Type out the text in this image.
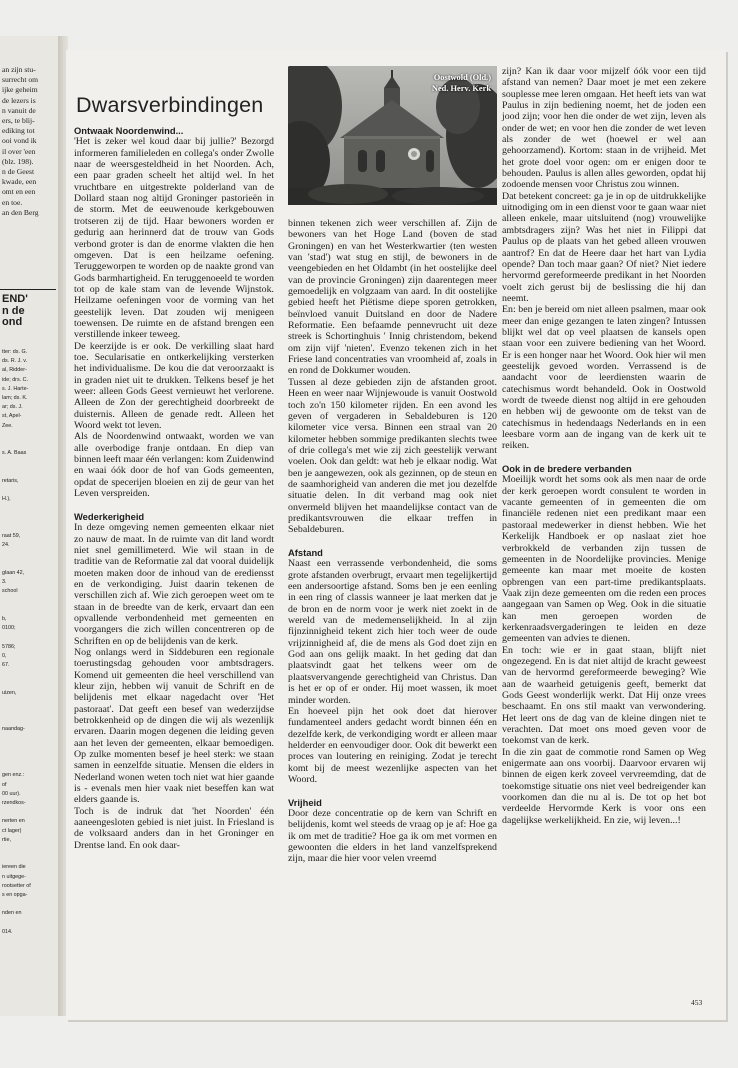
an zijn stu-
surrecht om
ijke geheim
de lezers is
n vanuit de
ers, te blij-
ediking tot
ooi vond ik
il over 'een
(blz. 198).
n de Geest
kwade, een
omt en een
en toe.
an den Berg
END'
n de
ond
tter: ds. G.
ds. R. J. v.
al, Ridder-
ide; drs. C.
s. J. Harte-
lam; ds. K.
ar; ds. J.
st, Apel-
Zee.

s. A. Baas

retaris,

H.),

raat 59,
24.

glaan 42,
3.
school

b,
0100;

5786;
0,
67.

uizen,

naandag-

gen enz.:
of
00 uur).
rzendkos-

nerten en
ct lager)
rtie,

iereen die
n uitgege-
rootsetter of
s en opga-

nden en

014.
Dwarsverbindingen
Oostwold (Old.)
Ned. Herv. Kerk
Ontwaak Noordenwind...

'Het is zeker wel koud daar bij jullie?' Bezorgd informeren familieleden en collega's onder Zwolle naar de weersgesteldheid in het Noorden. Ach, een paar graden scheelt het altijd wel. In het vruchtbare en uitgestrekte polderland van de Dollard staan nog altijd Groninger pastorieën in de storm. Met de eeuwenoude kerkgebouwen trotseren zij de tijd. Haar bewoners worden er gedurig aan herinnerd dat de trouw van Gods verbond groter is dan de enorme vlakten die hen omgeven. Dat is een heilzame oefening. Teruggeworpen te worden op de naakte grond van Gods barmhartigheid. En teruggenoeeld te worden tot op de kale stam van de levende Wijnstok. Heilzame oefeningen voor de vorming van het geestelijk leven. Dat zouden wij menigeen toewensen. De ruimte en de afstand brengen een verstillende inkeer teweeg.

De keerzijde is er ook. De verkilling slaat hard toe. Secularisatie en ontkerkelijking versterken het individualisme. De kou die dat veroorzaakt is in graden niet uit te drukken. Telkens besef je het weer: alleen Gods Geest vernieuwt het verlorene. Alleen de Zon der gerechtigheid doorbreekt de duisternis. Alleen de genade redt. Alleen het Woord wekt tot leven.

Als de Noordenwind ontwaakt, worden we van alle overbodige franje ontdaan. En diep van binnen leeft maar één verlangen: kom Zuidenwind en waai óók door de hof van Gods gemeenten, opdat de specerijen bloeien en zij de geur van het Leven verspreiden.

Wederkerigheid

In deze omgeving nemen gemeenten elkaar niet zo nauw de maat. In de ruimte van dit land wordt niet snel gemillimeterd. Wie wil staan in de traditie van de Reformatie zal dat vooral duidelijk moeten maken door de inhoud van de erediensst en de verkondiging. Juist daarin tekenen de verschillen zich af. Wie zich geroepen weet om te staan in de breedte van de kerk, ervaart dan een opvallende verbondenheid met gemeenten en voorgangers die zich willen concentreren op de Schriften en op de belijdenis van de kerk.

Nog onlangs werd in Siddeburen een regionale toerustingsdag gehouden voor ambtsdragers. Komend uit gemeenten die heel verschillend van kleur zijn, hebben wij vanuit de Schrift en de belijdenis met elkaar nagedacht over 'Het pastoraat'. Dat geeft een besef van wederzijdse betrokkenheid op de dingen die wij als wezenlijk ervaren. Daarin mogen degenen die leiding geven aan het leven der gemeenten, elkaar bemoedigen. Op zulke momenten besef je heel sterk: we staan samen in eenzelfde situatie. Mensen die elders in Nederland wonen weten toch niet wat hier gaande is - evenals men hier vaak niet beseffen kan wat elders gaande is.

Toch is de indruk dat 'het Noorden' één aaneengesloten gebied is niet juist. In Friesland is de volksaard anders dan in het Groninger en Drentse land. En ook daar-

binnen tekenen zich weer verschillen af. Zijn de bewoners van het Hoge Land (boven de stad Groningen) en van het Westerkwartier (ten westen van 'stad') wat stug en stijl, de bewoners in de veengebieden en het Oldambt (in het oostelijke deel van de provincie Groningen) zijn daarentegen meer gemoedelijk en volgzaam van aard. In dit oostelijke gebied heeft het Piëtisme diepe sporen getrokken, beïnvloed vanuit Duitsland en door de Nadere Reformatie. Een befaamde pennevrucht uit deze streek is Schortinghuis ' Innig christendom, bekend om zijn vijf 'nieten'. Evenzo tekenen zich in het Friese land concentraties van vroomheid af, zoals in en rond de Dokkumer wouden.

Tussen al deze gebieden zijn de afstanden groot. Heen en weer naar Wijnjewoude is vanuit Oostwold toch zo'n 150 kilometer rijden. En een avond les geven of vergaderen in Sebaldeburen is 120 kilometer vice versa. Binnen een straal van 20 kilometer hebben sommige predikanten slechts twee of drie collega's met wie zij zich geestelijk verwant voelen. Ook dan geldt: wat heb je elkaar nodig. Wat ben je aangewezen, ook als gezinnen, op de steun en de saamhorigheid van anderen die met jou dezelfde situatie delen. In dit verband mag ook niet onvermeld blijven het maandelijkse contact van de predikantsvrouwen die elkaar treffen in Sebaldeburen.

Afstand

Naast een verrassende verbondenheid, die soms grote afstanden overbrugt, ervaart men tegelijkertijd een andersoortige afstand. Soms ben je een eenling in een ring of classis wanneer je laat merken dat je de bron en de norm voor je werk niet zoekt in de wereld van de medemenselijkheid. In al zijn fijnzinnigheid tekent zich hier toch weer de oude vrijzinnigheid af, die de mens als God doet zijn en God aan ons gelijk maakt. In het geding dat dan plaatsvindt gaat het telkens weer om de plaatsvervangende gerechtigheid van Christus. Dan is het er op of er onder. Hij moet wassen, ik moet minder worden.

En hoeveel pijn het ook doet dat hierover fundamenteel anders gedacht wordt binnen één en dezelfde kerk, de verkondiging wordt er alleen maar helderder en eenvoudiger door. Ook dit bewerkt een proces van loutering en reiniging. Zodat je terecht komt bij de meest wezenlijke aspecten van het Woord.

Vrijheid

Door deze concentratie op de kern van Schrift en belijdenis, komt wel steeds de vraag op je af: Hoe ga ik om met de traditie? Hoe ga ik om met vormen en gewoonten die elders in het land vanzelfsprekend zijn, maar die hier voor velen vreemd

zijn? Kan ik daar voor mijzelf óók voor een tijd afstand van nemen? Daar moet je met een zekere souplesse mee leren omgaan. Het heeft iets van wat Paulus in zijn bediening noemt, het de joden een jood zijn; voor hen die onder de wet zijn, leven als onder de wet; en voor hen die zonder de wet leven als zonder de wet (hoewel er wel aan gehoorzamend). Kortom: staan in de vrijheid. Met het grote doel voor ogen: om er enigen door te behouden. Paulus is allen alles geworden, opdat hij zodoende mensen voor Christus zou winnen.

Dat betekent concreet: ga je in op de uitdrukkelijke uitnodiging om in een dienst voor te gaan waar niet alleen enkele, maar uitsluitend (nog) vrouwelijke ambtsdragers zijn? Was het niet in Filippi dat Paulus op de plaats van het gebed alleen vrouwen aantrof? En dat de Heere daar het hart van Lydia opende? Dan toch maar gaan? Of niet? Niet iedere hervormd gereformeerde predikant in het Noorden voelt zich gerust bij de beslissing die hij dan neemt.

En: ben je bereid om niet alleen psalmen, maar ook meer dan enige gezangen te laten zingen? Intussen blijkt wel dat op veel plaatsen de kansels open staan voor een zuivere bediening van het Woord. Er is een honger naar het Woord. Ook hier wil men geestelijk gevoed worden. Verrassend is de aandacht voor de leerdiensten waarin de catechismus wordt behandeld. Ook in Oostwold wordt de tweede dienst nog altijd in ere gehouden en hebben wij de gewoonte om de tekst van de catechismus in hedendaags Nederlands en in een leesbare vorm aan de ingang van de kerk uit te reiken.

Ook in de bredere verbanden

Moeilijk wordt het soms ook als men naar de orde der kerk geroepen wordt consulent te worden in vacante gemeenten of in gemeenten die om financiële redenen niet een predikant maar een pastoraal medewerker in dienst hebben. Wie het Kerkelijk Handboek er op naslaat ziet hoe verbrokkeld de verbanden zijn tussen de gemeenten in de Noordelijke provincies. Menige gemeente kan maar met moeite de kosten opbrengen van een part-time predikantsplaats. Vaak zijn deze gemeenten om die reden een proces aangegaan van Samen op Weg. Ook in die situatie kan men geroepen worden de kerkenraadsvergaderingen te leiden en deze gemeenten van advies te dienen.

En toch: wie er in gaat staan, blijft niet ongezegend. En is dat niet altijd de kracht geweest van de hervormd gereformeerde beweging? Wie aan de waarheid getuigenis geeft, bemerkt dat Gods Geest wonderlijk werkt. Dat Hij onze vrees beschaamt. En ons stil maakt van verwondering. Het leert ons de dag van de kleine dingen niet te verachten. Dat moet ons moed geven voor de toekomst van de kerk.

In die zin gaat de commotie rond Samen op Weg enigermate aan ons voorbij. Daarvoor ervaren wij binnen de eigen kerk zoveel vervreemding, dat de toekomstige situatie ons niet veel bedreigender kan voorkomen dan die nu al is. De tot op het bot verdeelde Hervormde Kerk is voor ons een dagelijkse werkelijkheid. En zie, wij leven...!

453
